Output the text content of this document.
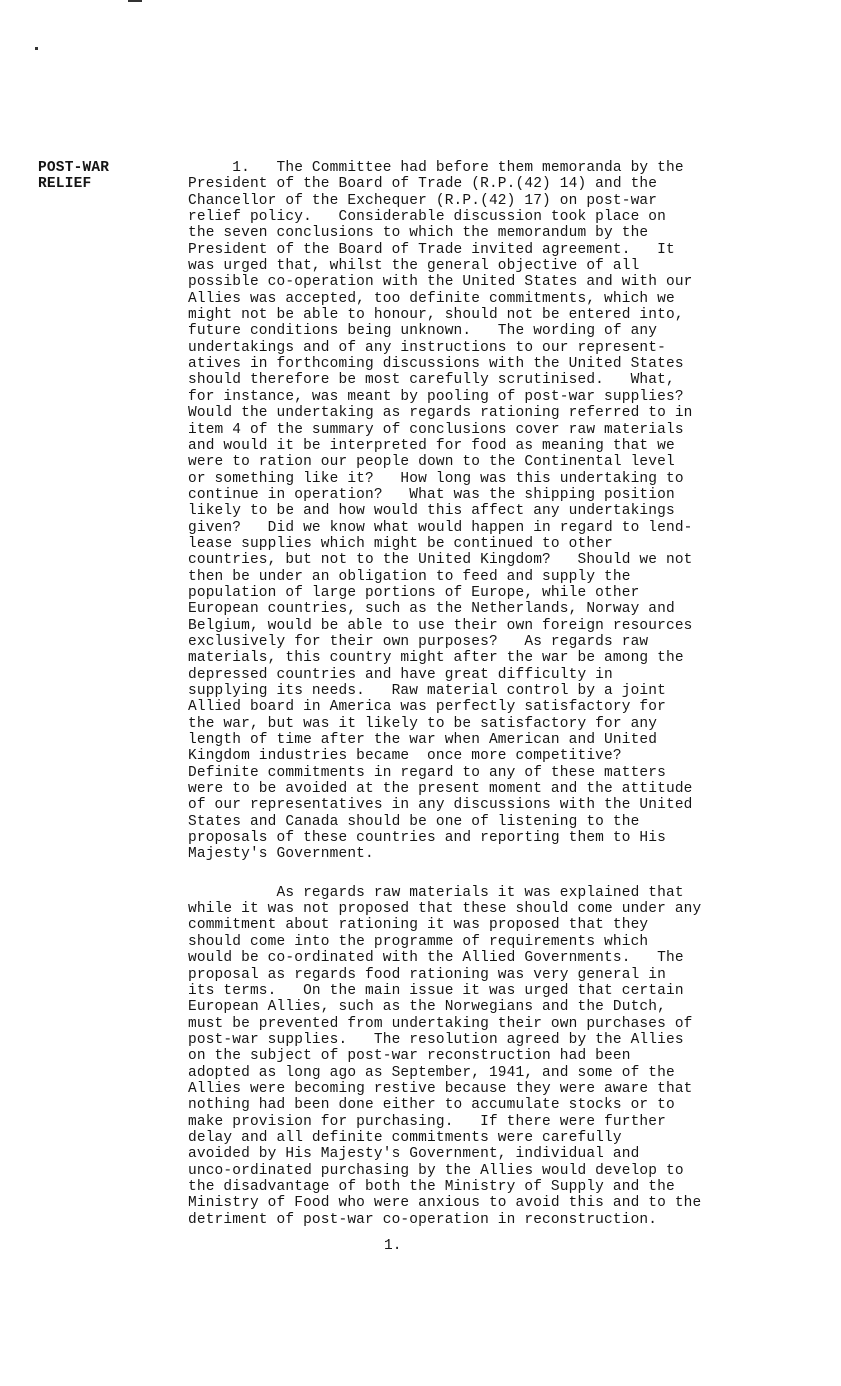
POST-WAR
RELIEF

1.   The Committee had before them memoranda by the
President of the Board of Trade (R.P.(42) 14) and the
Chancellor of the Exchequer (R.P.(42) 17) on post-war
relief policy.   Considerable discussion took place on
the seven conclusions to which the memorandum by the
President of the Board of Trade invited agreement.   It
was urged that, whilst the general objective of all
possible co-operation with the United States and with our
Allies was accepted, too definite commitments, which we
might not be able to honour, should not be entered into,
future conditions being unknown.   The wording of any
undertakings and of any instructions to our represent-
atives in forthcoming discussions with the United States
should therefore be most carefully scrutinised.   What,
for instance, was meant by pooling of post-war supplies?
Would the undertaking as regards rationing referred to in
item 4 of the summary of conclusions cover raw materials
and would it be interpreted for food as meaning that we
were to ration our people down to the Continental level
or something like it?   How long was this undertaking to
continue in operation?   What was the shipping position
likely to be and how would this affect any undertakings
given?   Did we know what would happen in regard to lend-
lease supplies which might be continued to other
countries, but not to the United Kingdom?   Should we not
then be under an obligation to feed and supply the
population of large portions of Europe, while other
European countries, such as the Netherlands, Norway and
Belgium, would be able to use their own foreign resources
exclusively for their own purposes?   As regards raw
materials, this country might after the war be among the
depressed countries and have great difficulty in
supplying its needs.   Raw material control by a joint
Allied board in America was perfectly satisfactory for
the war, but was it likely to be satisfactory for any
length of time after the war when American and United
Kingdom industries became  once more competitive?
Definite commitments in regard to any of these matters
were to be avoided at the present moment and the attitude
of our representatives in any discussions with the United
States and Canada should be one of listening to the
proposals of these countries and reporting them to His
Majesty's Government.

As regards raw materials it was explained that
while it was not proposed that these should come under any
commitment about rationing it was proposed that they
should come into the programme of requirements which
would be co-ordinated with the Allied Governments.   The
proposal as regards food rationing was very general in
its terms.   On the main issue it was urged that certain
European Allies, such as the Norwegians and the Dutch,
must be prevented from undertaking their own purchases of
post-war supplies.   The resolution agreed by the Allies
on the subject of post-war reconstruction had been
adopted as long ago as September, 1941, and some of the
Allies were becoming restive because they were aware that
nothing had been done either to accumulate stocks or to
make provision for purchasing.   If there were further
delay and all definite commitments were carefully
avoided by His Majesty's Government, individual and
unco-ordinated purchasing by the Allies would develop to
the disadvantage of both the Ministry of Supply and the
Ministry of Food who were anxious to avoid this and to the
detriment of post-war co-operation in reconstruction.

1.
